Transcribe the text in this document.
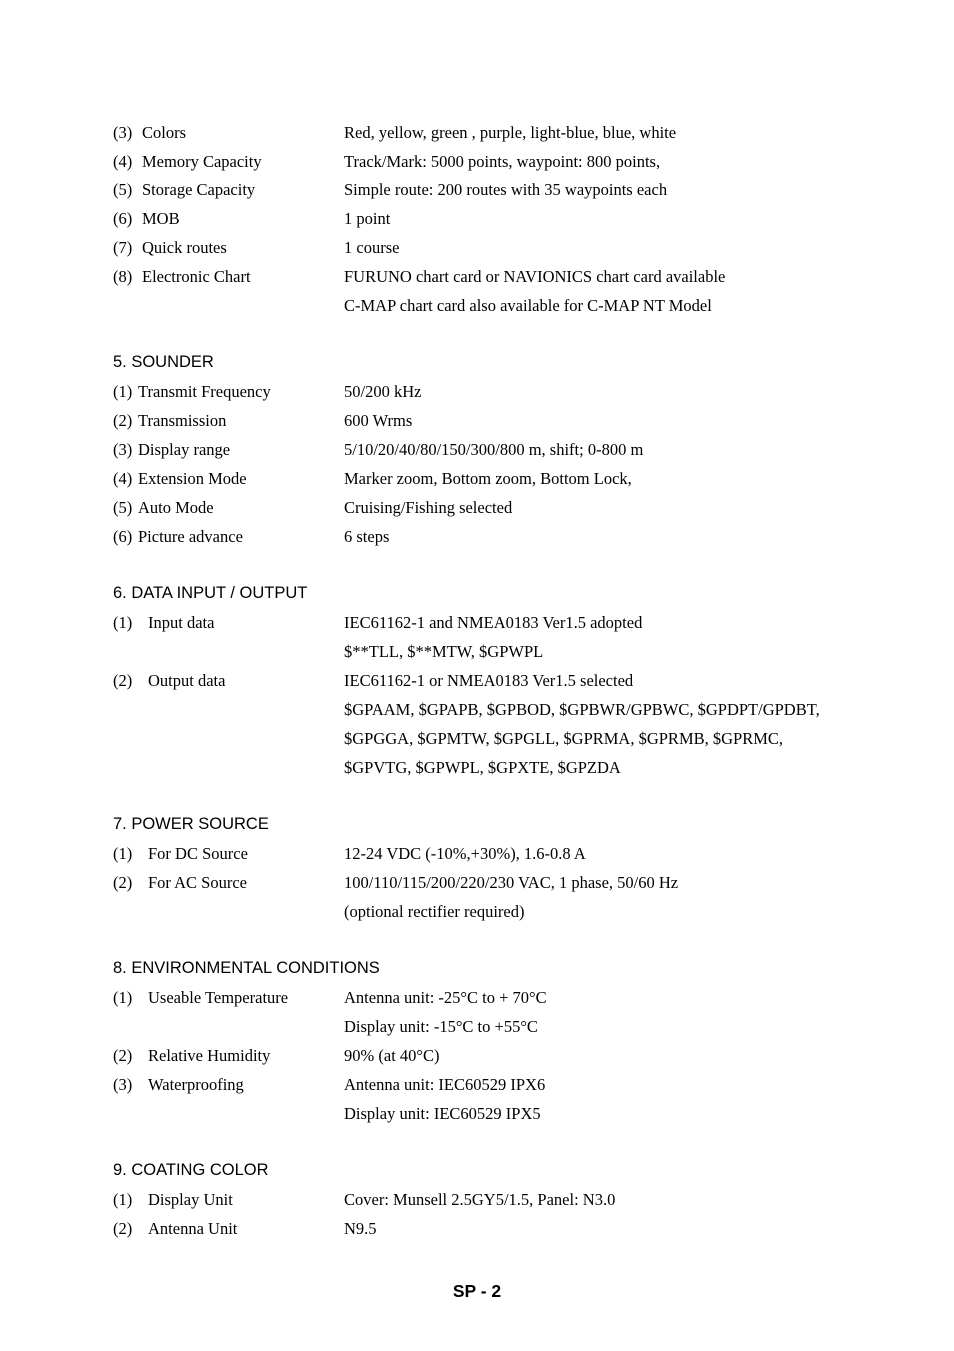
(3) Colors	Red, yellow, green , purple, light-blue, blue, white
(4) Memory Capacity	Track/Mark: 5000 points, waypoint: 800 points,
(5) Storage Capacity	Simple route: 200 routes with 35 waypoints each
(6) MOB	1 point
(7) Quick routes	1 course
(8) Electronic Chart	FURUNO chart card or NAVIONICS chart card available
C-MAP chart card also available for C-MAP NT Model
5. SOUNDER
(1) Transmit Frequency	50/200 kHz
(2) Transmission	600 Wrms
(3) Display range	5/10/20/40/80/150/300/800 m, shift; 0-800 m
(4) Extension Mode	Marker zoom, Bottom zoom, Bottom Lock,
(5) Auto Mode	Cruising/Fishing selected
(6) Picture advance	6 steps
6. DATA INPUT / OUTPUT
(1) Input data	IEC61162-1 and NMEA0183 Ver1.5 adopted
$**TLL, $**MTW, $GPWPL
(2) Output data	IEC61162-1 or NMEA0183 Ver1.5 selected
$GPAAM, $GPAPB, $GPBOD, $GPBWR/GPBWC, $GPDPT/GPDBT,
$GPGGA, $GPMTW, $GPGLL, $GPRMA, $GPRMB, $GPRMC,
$GPVTG, $GPWPL, $GPXTE, $GPZDA
7. POWER SOURCE
(1) For DC Source	12-24 VDC (-10%,+30%), 1.6-0.8 A
(2) For AC Source	100/110/115/200/220/230 VAC, 1 phase, 50/60 Hz
(optional rectifier required)
8. ENVIRONMENTAL CONDITIONS
(1) Useable Temperature	Antenna unit: -25°C to + 70°C
Display unit: -15°C to +55°C
(2) Relative Humidity	90% (at 40°C)
(3) Waterproofing	Antenna unit: IEC60529 IPX6
Display unit: IEC60529 IPX5
9. COATING COLOR
(1) Display Unit	Cover: Munsell 2.5GY5/1.5, Panel: N3.0
(2) Antenna Unit	N9.5
SP - 2
